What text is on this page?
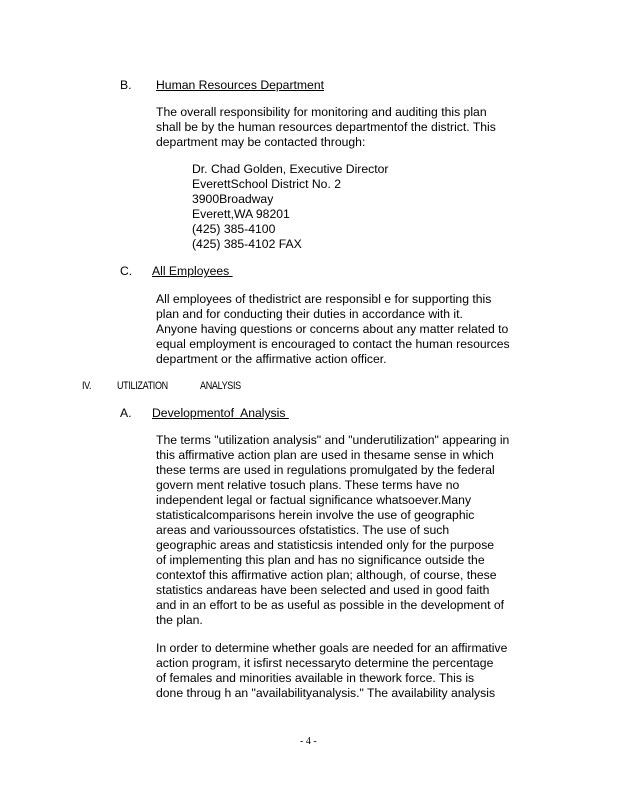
B. Human Resources Department
The overall responsibility for monitoring and auditing this plan
shall be by the human resources departmentof the district. This
department may be contacted through:
Dr. Chad Golden, Executive Director
EverettSchool District No. 2
3900Broadway
Everett,WA 98201
(425) 385-4100
(425) 385-4102 FAX
C. All Employees
All employees of thedistrict are responsibl e for supporting this
plan and for conducting their duties in accordance with it.
Anyone having questions or concerns about any matter related to
equal employment is encouraged to contact the human resources
department or the affirmative action officer.
IV. UTILIZATION	ANALYSIS
A. Developmentof  Analysis
The terms "utilization analysis" and "underutilization" appearing in
this affirmative action plan are used in thesame sense in which
these terms are used in regulations promulgated by the federal
govern ment relative tosuch plans. These terms have no
independent legal or factual significance whatsoever.Many
statisticalcomparisons herein involve the use of geographic
areas and varioussources ofstatistics. The use of such
geographic areas and statisticsis intended only for the purpose
of implementing this plan and has no significance outside the
contextof this affirmative action plan; although, of course, these
statistics andareas have been selected and used in good faith
and in an effort to be as useful as possible in the development of
the plan.
In order to determine whether goals are needed for an affirmative
action program, it isfirst necessaryto determine the percentage
of females and minorities available in thework force. This is
done throug h an "availabilityanalysis." The availability analysis
- 4 -
